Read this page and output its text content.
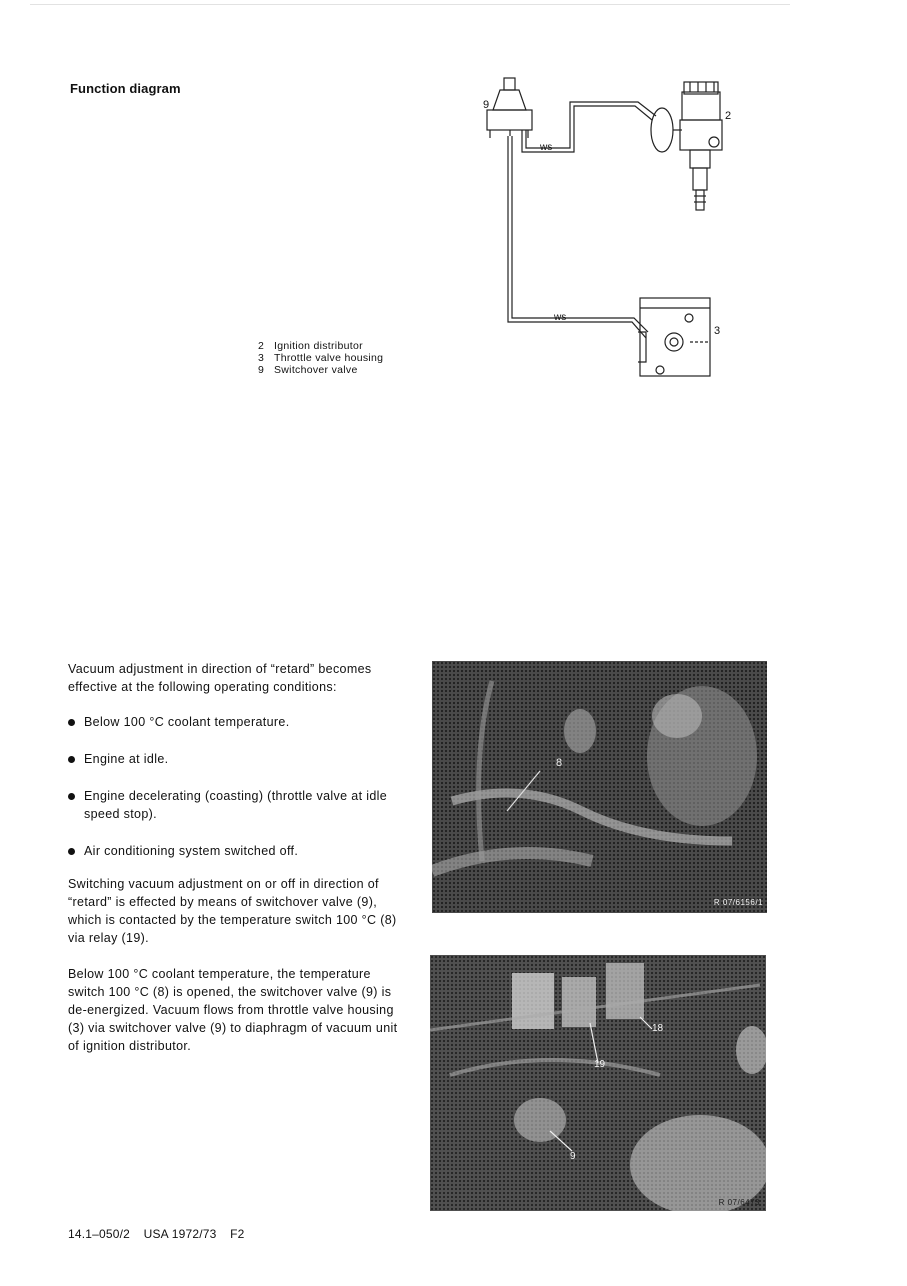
Function diagram
9
2
3
ws
ws
2 Ignition distributor
3 Throttle valve housing
9 Switchover valve
Vacuum adjustment in direction of “retard” becomes effective at the following operating conditions:
Below 100 °C coolant temperature.
Engine at idle.
Engine decelerating (coasting) (throttle valve at idle speed stop).
Air conditioning system switched off.
Switching vacuum adjustment on or off in direction of “retard” is effected by means of switchover valve (9), which is contacted by the temperature switch 100 °C (8) via relay (19).
Below 100 °C coolant temperature, the temperature switch 100 °C (8) is opened, the switchover valve (9) is de-energized. Vacuum flows from throttle valve housing (3) via switchover valve (9) to diaphragm of vacuum unit of ignition distributor.
8
R 07/6156/1
18
19
9
R 07/6473
14.1–050/2 USA 1972/73 F2
